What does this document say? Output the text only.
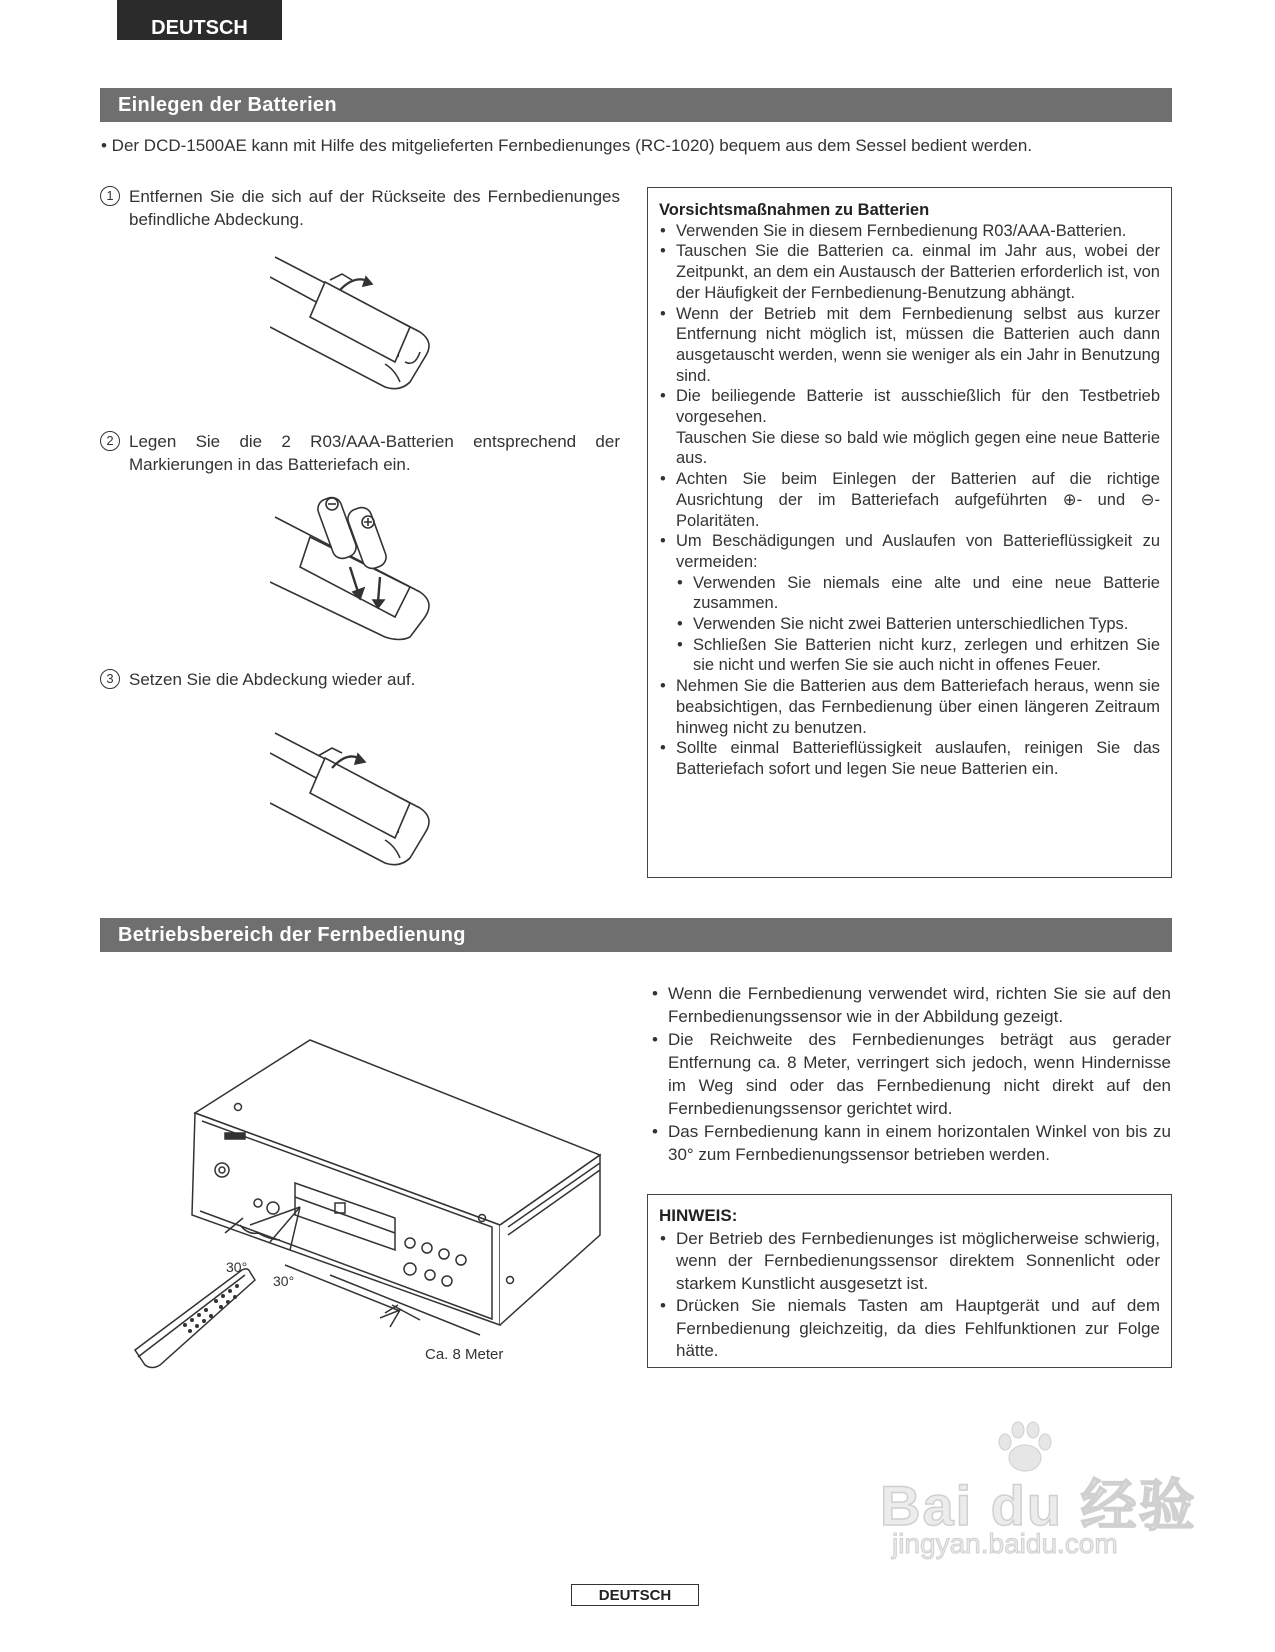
DEUTSCH
Einlegen der Batterien
• Der DCD-1500AE kann mit Hilfe des mitgelieferten Fernbedienunges (RC-1020) bequem aus dem Sessel bedient werden.
1 Entfernen Sie die sich auf der Rückseite des Fernbedienunges befindliche Abdeckung.
2 Legen Sie die 2 R03/AAA-Batterien entsprechend der Markierungen in das Batteriefach ein.
3 Setzen Sie die Abdeckung wieder auf.
Vorsichtsmaßnahmen zu Batterien
• Verwenden Sie in diesem Fernbedienung R03/AAA-Batterien.
• Tauschen Sie die Batterien ca. einmal im Jahr aus, wobei der Zeitpunkt, an dem ein Austausch der Batterien erforderlich ist, von der Häufigkeit der Fernbedienung-Benutzung abhängt.
• Wenn der Betrieb mit dem Fernbedienung selbst aus kurzer Entfernung nicht möglich ist, müssen die Batterien auch dann ausgetauscht werden, wenn sie weniger als ein Jahr in Benutzung sind.
• Die beiliegende Batterie ist ausschießlich für den Testbetrieb vorgesehen.
Tauschen Sie diese so bald wie möglich gegen eine neue Batterie aus.
• Achten Sie beim Einlegen der Batterien auf die richtige Ausrichtung der im Batteriefach aufgeführten ⊕- und ⊖-Polaritäten.
• Um Beschädigungen und Auslaufen von Batterieflüssigkeit zu vermeiden:
• Verwenden Sie niemals eine alte und eine neue Batterie zusammen.
• Verwenden Sie nicht zwei Batterien unterschiedlichen Typs.
• Schließen Sie Batterien nicht kurz, zerlegen und erhitzen Sie sie nicht und werfen Sie sie auch nicht in offenes Feuer.
• Nehmen Sie die Batterien aus dem Batteriefach heraus, wenn sie beabsichtigen, das Fernbedienung über einen längeren Zeitraum hinweg nicht zu benutzen.
• Sollte einmal Batterieflüssigkeit auslaufen, reinigen Sie das Batteriefach sofort und legen Sie neue Batterien ein.
Betriebsbereich der Fernbedienung
30°
30°
Ca. 8 Meter
• Wenn die Fernbedienung verwendet wird, richten Sie sie auf den Fernbedienungssensor wie in der Abbildung gezeigt.
• Die Reichweite des Fernbedienunges beträgt aus gerader Entfernung ca. 8 Meter, verringert sich jedoch, wenn Hindernisse im Weg sind oder das Fernbedienung nicht direkt auf den Fernbedienungssensor gerichtet wird.
• Das Fernbedienung kann in einem horizontalen Winkel von bis zu 30° zum Fernbedienungssensor betrieben werden.
HINWEIS:
• Der Betrieb des Fernbedienunges ist möglicherweise schwierig, wenn der Fernbedienungssensor direktem Sonnenlicht oder starkem Kunstlicht ausgesetzt ist.
• Drücken Sie niemals Tasten am Hauptgerät und auf dem Fernbedienung gleichzeitig, da dies Fehlfunktionen zur Folge hätte.
Bai du 经验
jingyan.baidu.com
DEUTSCH
